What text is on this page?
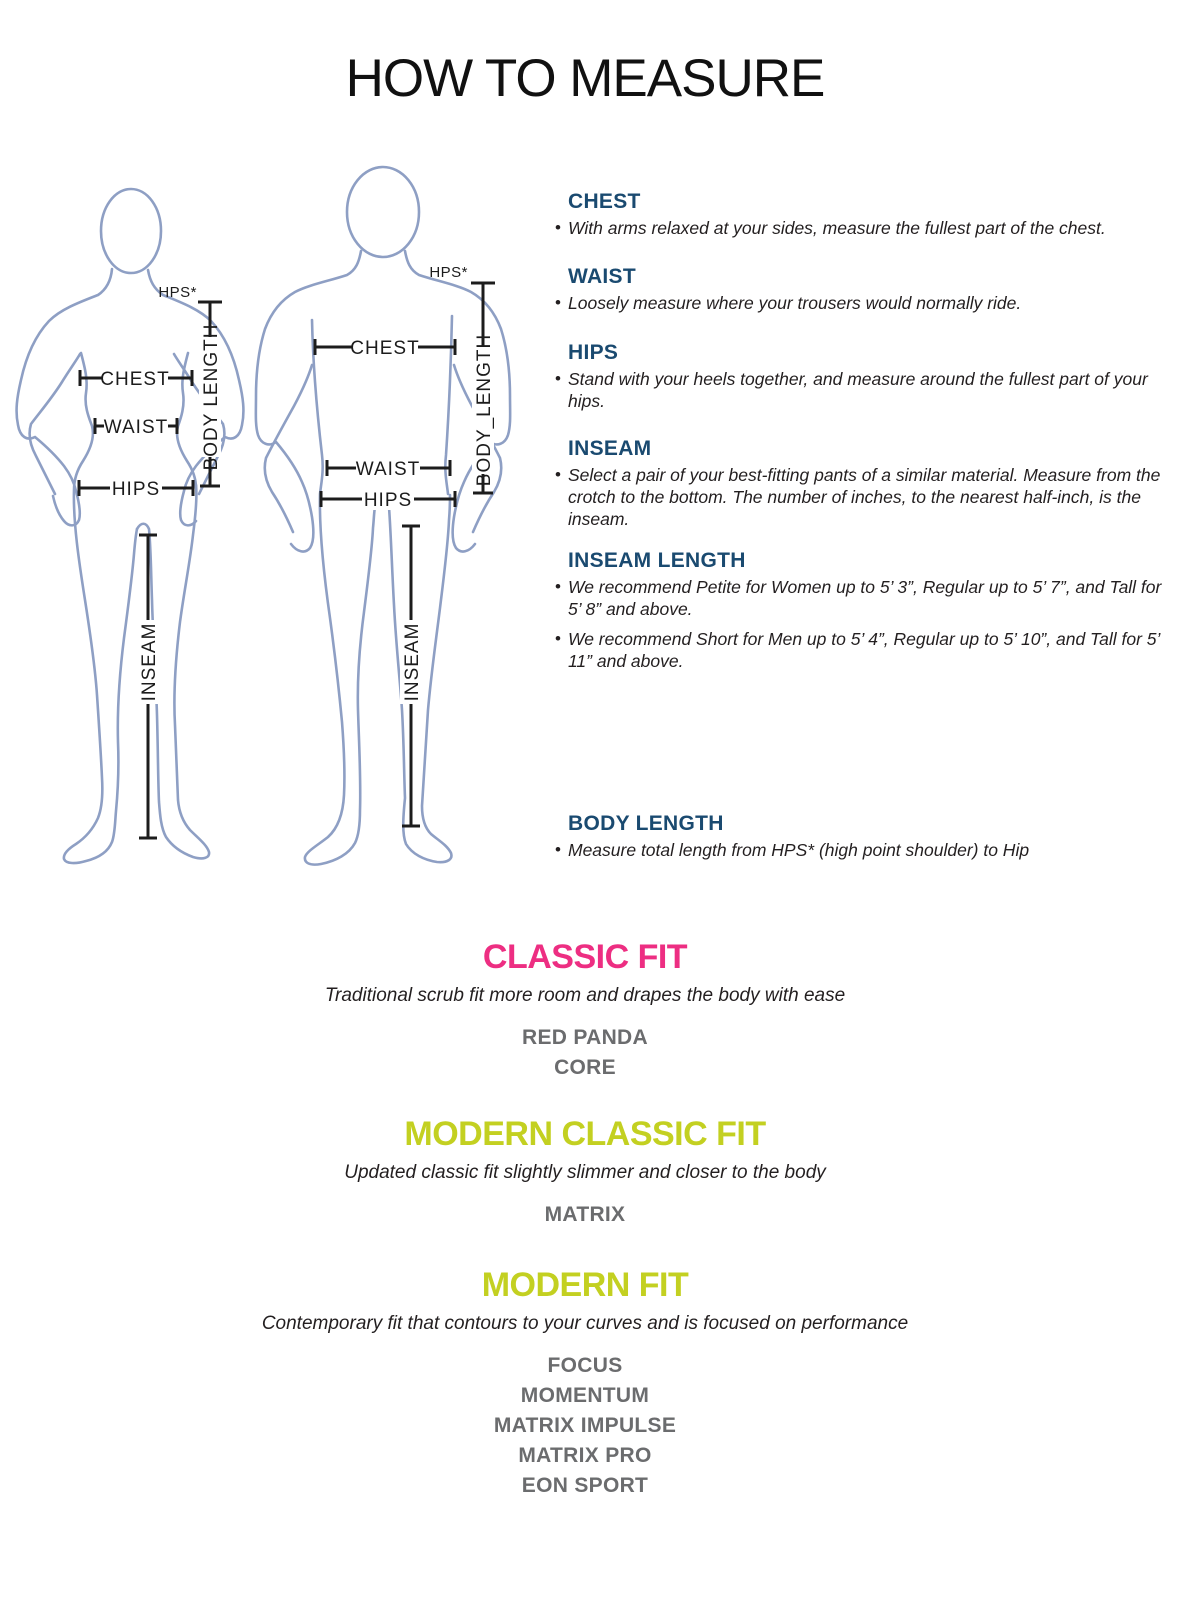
HOW TO MEASURE
CHEST
WAIST
HIPS
HPS*
BODY LENGTH
INSEAM
CHEST
WAIST
HIPS
HPS*
BODY_LENGTH
INSEAM
CHEST
• With arms relaxed at your sides, measure the fullest part of the chest.

WAIST
• Loosely measure where your trousers would normally ride.

HIPS
• Stand with your heels together, and measure around the fullest part of your hips.

INSEAM
• Select a pair of your best-fitting pants of a similar material. Measure from the crotch to the bottom. The number of inches, to the nearest half-inch, is the inseam.

INSEAM LENGTH
• We recommend Petite for Women up to 5’ 3”, Regular up to 5’ 7”, and Tall for 5’ 8” and above.

• We recommend Short for Men up to 5’ 4”, Regular up to 5’ 10”, and Tall for 5’ 11” and above.

BODY LENGTH
• Measure total length from HPS* (high point shoulder) to Hip

CLASSIC FIT

Traditional scrub fit more room and drapes the body with ease

RED PANDA
CORE
MODERN CLASSIC FIT

Updated classic fit slightly slimmer and closer to the body

MATRIX
MODERN FIT

Contemporary fit that contours to your curves and is focused on performance

FOCUS
MOMENTUM
MATRIX IMPULSE
MATRIX PRO
EON SPORT
